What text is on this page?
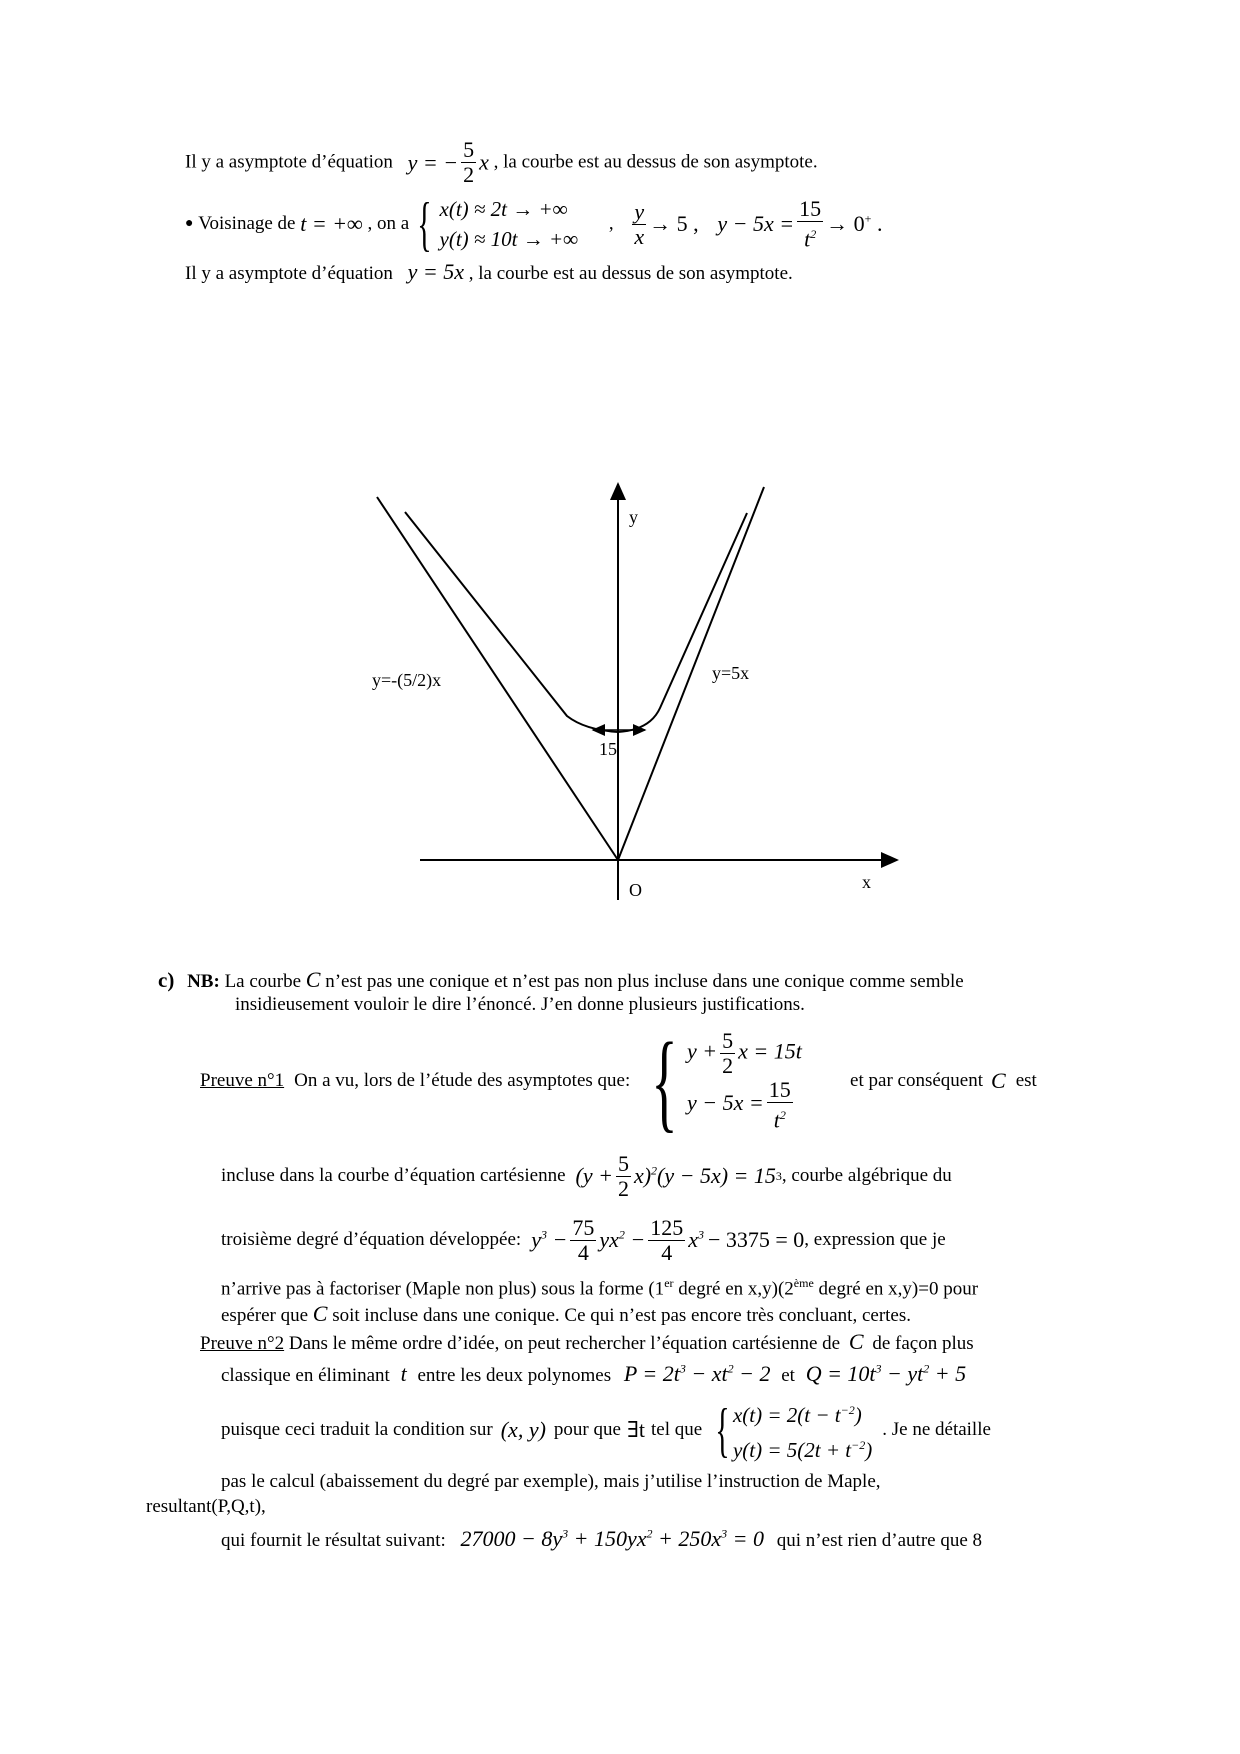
Il y a asymptote d’équation y = − $\frac{5}{2}$ x , la courbe est au dessus de son asymptote.
● Voisinage de t = +∞ , on a { x(t) ≈ 2t → +∞
y(t) ≈ 10t → +∞
, $\frac{y}{x} \to 5$ , $y - 5x = \frac{15}{t^2} \to 0^+$ .
Il y a asymptote d’équation y = 5x , la courbe est au dessus de son asymptote.
y
x
O
y=-(5/2)x	y=5x
15
c) NB: La courbe C n’est pas une conique et n’est pas non plus incluse dans une conique comme semble
insidieusement vouloir le dire l’énoncé. J’en donne plusieurs justifications.
Preuve n°1 On a vu, lors de l’étude des asymptotes que: { $y + \frac{5}{2}$ x = 15t
$y - 5x = \frac{15}{t^2}$	et par conséquent C est
incluse dans la courbe d’équation cartésienne $(y + \frac{5}{2} x)^2$ (y − 5x) = 15 3 , courbe algébrique du
troisième degré d’équation développée: $y^3 - \frac{75}{4} yx^2 - \frac{125}{4} x^3 - 3375 = 0$ , expression que je
n’arrive pas à factoriser (Maple non plus) sous la forme (1er degré en x,y)(2ème degré en x,y)=0 pour
espérer que C soit incluse dans une conique. Ce qui n’est pas encore très concluant, certes.
Preuve n°2 Dans le même ordre d’idée, on peut rechercher l’équation cartésienne de C de façon plus
classique en éliminant t entre les deux polynomes $P = 2t^3 - xt^2 - 2$ et $Q = 10t^3 - yt^2 + 5$
puisque ceci traduit la condition sur (x, y) pour que ∃t tel que { $x(t) = 2(t - t^{-2})$
$y(t) = 5(2t + t^{-2})$
. Je ne détaille
pas le calcul (abaissement du degré par exemple), mais j’utilise l’instruction de Maple,
resultant(P,Q,t),
qui fournit le résultat suivant: $27000 - 8y^3 + 150yx^2 + 250x^3 = 0$ qui n’est rien d’autre que 8
